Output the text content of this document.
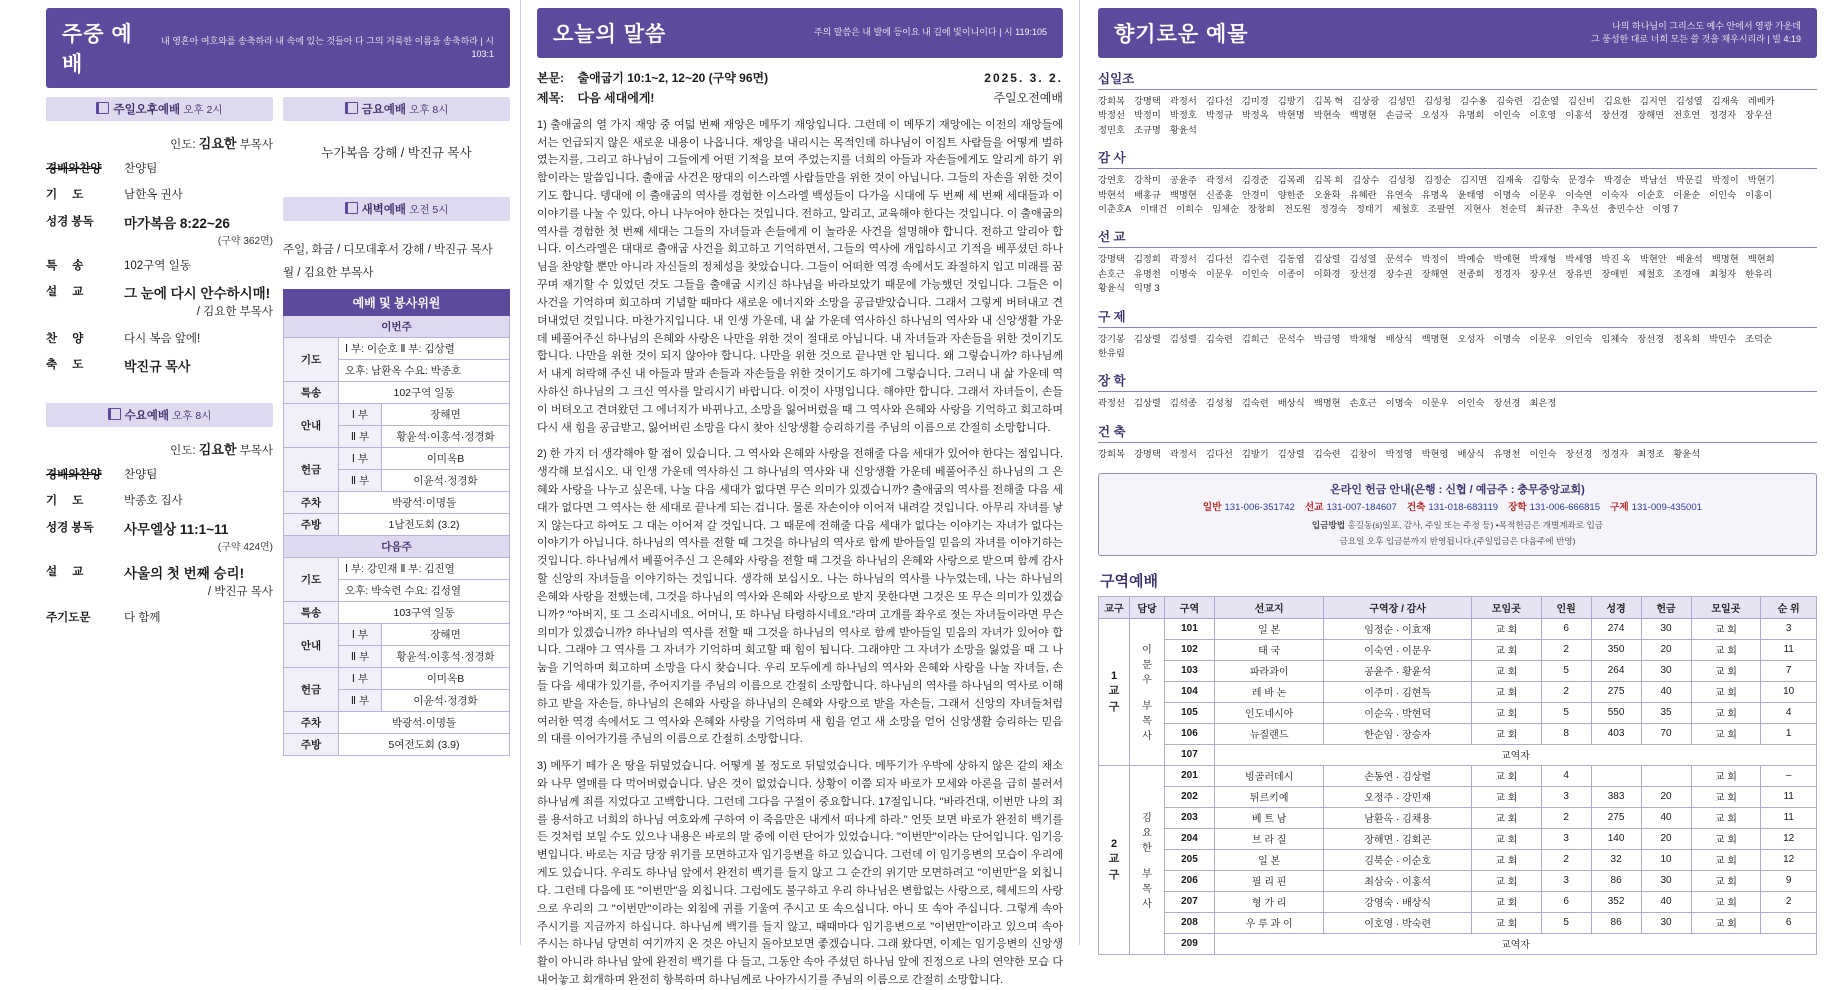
주중 예배
내 영혼아 여호와를 송축하라 내 속에 있는 것들아 다 그의 거룩한 이름을 송축하라 | 시 103:1
주일오후예배 오후 2시
인도: 김요한 부목사
경배와찬양	찬양팀
기 도	남한옥 권사
성경 봉독	마가복음 8:22~26
(구약 362면)
특 송	102구역 일동
설 교	그 눈에 다시 안수하시매!
/ 김요한 부목사
찬 양	다시 복음 앞에!
축 도	박진규 목사
수요예배 오후 8시
인도: 김요한 부목사
경배와찬양	찬양팀
기 도	박종호 집사
성경 봉독	사무엘상 11:1~11
(구약 424면)
설 교	사울의 첫 번째 승리!
/ 박진규 목사
주기도문	다 함께
금요예배 오후 8시
누가복음 강해 / 박진규 목사
새벽예배 오전 5시
주일, 화금 / 디모데후서 강해 / 박진규 목사
월 / 김요한 부목사
예배 및 봉사위원		
이번주		
기도	Ⅰ 부: 이순호 Ⅱ 부: 김상렬	
	오후: 남환옥 수요: 박종호	
특송	102구역 일동	
안내	Ⅰ 부	장해면
	Ⅱ 부	황윤석·이홍석·정경화
헌금	Ⅰ 부	이미옥B
	Ⅱ 부	이윤석·정경화
주차	박광석·이명돌	
주방	1남전도회 (3.2)	
다음주		
기도	Ⅰ 부: 강민재 Ⅱ 부: 김진열	
	오후: 박숙련 수요: 김성열	
특송	103구역 일동	
안내	Ⅰ 부	장해면
	Ⅱ 부	황윤석·이홍석·정경화
헌금	Ⅰ 부	이미옥B
	Ⅱ 부	이윤석·정경화
주차	박광석·이명돌	
주방	5여전도회 (3.9)	
오늘의 말씀	주의 말씀은 내 발에 등이요 내 길에 빛이니이다 | 시 119:105
본문: 출애굽기 10:1~2, 12~20 (구약 96면)
제목: 다음 세대에게!
2025. 3. 2.
주일오전예배

1) 출애굽의 열 가지 재앙 중 여덟 번째 재앙은 메뚜기 재앙입니다. 그런데 이 메뚜기 재앙에는 이전의 재앙들에서는 언급되지 않은 새로운 내용이 나옵니다. 재앙을 내리시는 목적인데 하나님이 이집트 사람들을 어떻게 벌하였는지를, 그리고 하나님이 그들에게 어떤 기적을 보여 주었는지를 너희의 아들과 자손들에게도 알리게 하기 위함이라는 말씀입니다. 출애굽 사건은 땅대의 이스라엘 사람들만을 위한 것이 아닙니다. 그들의 자손을 위한 것이기도 합니다. 뎅대에 이 출애굽의 역사를 경험한 이스라엘 백성들이 다가올 시대에 두 번째 세 번째 세대들과 이 이야기를 나눌 수 있다, 아니 나누어야 한다는 것입니다. 전하고, 알리고, 교육해야 한다는 것입니다. 이 출애굽의 역사를 경험한 첫 번째 세대는 그들의 자녀들과 손들에게 이 놀라운 사건을 설명해야 합니다. 전하고 알리아 합니다. 이스라엘은 대대로 출애굽 사건을 회고하고 기억하면서, 그들의 역사에 개입하시고 기적을 베푸셨던 하나님을 찬양할 뿐만 아니라 자신들의 정체성을 찾았습니다. 그들이 어떠한 역경 속에서도 좌절하지 입고 미래를 꿈꾸며 재기할 수 있었던 것도 그들을 출애굽 시키신 하나님을 바라보았기 때문에 가능했던 것입니다. 그들은 이 사건을 기억하며 회고하며 기념할 때마다 새로운 에너지와 소망을 공급받았습니다. 그래서 그렇게 버텨내고 견뎌내었던 것입니다. 마찬가지입니다. 내 인생 가운데, 내 삶 가운데 역사하신 하나님의 역사와 내 신앙생활 가운데 베풀어주신 하나님의 은혜와 사랑은 나만을 위한 것이 절대로 아닙니다. 내 자녀들과 자손들을 위한 것이기도 합니다. 나만을 위한 것이 되지 않아야 합니다. 나만을 위한 것으로 끝나면 안 됩니다. 왜 그렇습니까? 하나님께서 내게 허락해 주신 내 아들과 딸과 손들과 자손들을 위한 것이기도 하기에 그렇습니다. 그러니 내 삶 가운데 역사하신 하나님의 그 크신 역사를 알리시기 바랍니다. 이것이 사명입니다. 해야만 합니다. 그래서 자녀들이, 손들이 버텨오고 견뎌왔던 그 에너지가 바뀌나고, 소망을 잃어버렸을 때 그 역사와 은혜와 사랑을 기억하고 회고하며 다시 새 힘을 공급받고, 잃어버린 소망을 다시 찾아 신앙생활 승리하기를 주님의 이름으로 간절히 소망합니다.

2) 한 가지 더 생각해야 할 점이 있습니다. 그 역사와 은혜와 사랑을 전해줄 다음 세대가 있어야 한다는 점입니다. 생각해 보십시오. 내 인생 가운데 역사하신 그 하나님의 역사와 내 신앙생활 가운데 베풀어주신 하나님의 그 은혜와 사랑을 나누고 싶은데, 나눌 다음 세대가 없다면 무슨 의미가 있겠습니까? 출애굽의 역사를 전해줄 다음 세대가 없다면 그 역사는 한 세대로 끝나게 되는 겁니다. 물론 자손이야 이어져 내려갈 것입니다. 아무리 자녀를 낳지 않는다고 하여도 그 대는 이어져 갈 것입니다. 그 때문에 전해줄 다음 세대가 없다는 이야기는 자녀가 없다는 이야기가 아닙니다. 하나님의 역사를 전할 때 그것을 하나님의 역사로 함께 받아들일 믿음의 자녀를 이야기하는 것입니다. 하나님께서 베풀어주신 그 은혜와 사랑을 전할 때 그것을 하나님의 은혜와 사랑으로 받으며 함께 감사할 신앙의 자녀들을 이야기하는 것입니다. 생각해 보십시오. 나는 하나님의 역사를 나누었는데, 나는 하나님의 은혜와 사랑을 전했는데, 그것을 하나님의 역사와 은혜와 사랑으로 받지 못한다면 그것은 또 무슨 의미가 있겠습니까? "아버지, 또 그 소리시네요. 어머니, 또 하나님 타령하시네요."라며 고개를 좌우로 젓는 자녀들이라면 무슨 의미가 있겠습니까? 하나님의 역사를 전할 때 그것을 하나님의 역사로 함께 받아들일 믿음의 자녀가 있어야 합니다. 그래야 그 역사를 그 자녀가 기억하며 회고할 때 힘이 됩니다. 그래야만 그 자녀가 소망을 잃었을 때 그 나눔을 기억하며 회고하며 소망을 다시 찾습니다. 우리 모두에게 하나님의 역사와 은혜와 사랑을 나눌 자녀들, 손들 다음 세대가 있기를, 주어지기를 주님의 이름으로 간절히 소망합니다. 하나님의 역사를 하나님의 역사로 이해하고 받을 자손들, 하나님의 은혜와 사랑을 하나님의 은혜와 사랑으로 받을 자손들, 그래서 신앙의 자녀들처럼 여러한 역경 속에서도 그 역사와 은혜와 사랑을 기억하며 새 힘을 얻고 새 소망을 얻어 신앙생활 승리하는 믿음의 대를 이어가기를 주님의 이름으로 간절히 소망합니다.

3) 메뚜기 떼가 온 땅을 뒤덮었습니다. 어떻게 볼 정도로 뒤덮었습니다. 메뚜기가 우박에 상하지 않은 같의 채소와 나무 열매를 다 먹어버렸습니다. 남은 것이 없었습니다. 상황이 이쯤 되자 바로가 모세와 아론을 급히 불러서 하나님께 죄를 지었다고 고백합니다. 그런데 그다음 구절이 중요합니다. 17절입니다. "바라건대, 이번만 나의 죄를 용서하고 너희의 하나님 여호와께 구하여 이 죽음만은 내게서 떠나게 하라." 언뜻 보면 바로가 완전히 백기를 든 것처럼 보일 수도 있으나 내용은 바로의 말 중에 이런 단어가 있었습니다. "이번만"이라는 단어입니다. 임기응변입니다. 바로는 지금 당장 위기를 모면하고자 임기응변을 하고 있습니다. 그런데 이 임기응변의 모습이 우리에게도 있습니다. 우리도 하나님 앞에서 완전히 백기를 들지 않고 그 순간의 위기만 모면하려고 "이번만"을 외칩니다. 그런데 다음에 또 "이번만"을 외칩니다. 그럼에도 불구하고 우리 하나님은 변함없는 사랑으로, 헤세드의 사랑으로 우리의 그 "이번만"이라는 외침에 귀를 기울여 주시고 또 속으십니다. 아니 또 속아 주십니다. 그렇게 속아 주시기를 지금까지 하십니다. 하나님께 백기를 들지 않고, 때때마다 임기응변으로 "이번만"이라고 있으며 속아 주시는 하나님 당면히 여기까지 온 것은 아닌지 돌아보보면 좋겠습니다. 그래 왔다면, 이제는 임기응변의 신앙생활이 아니라 하나님 앞에 완전히 백기를 다 들고, 그동안 속아 주셨던 하나님 앞에 진정으로 나의 연약한 모습 다 내어놓고 회개하며 완전히 항복하며 하나님께로 나아가시기를 주님의 이름으로 간절히 소망합니다.

향기로운 예물	나의 하나님이 그리스도 예수 안에서 영광 가운데
그 풍성한 대로 너희 모든 쓸 것을 채우시리라 | 빌 4:19
십일조
강희복 강명택 곽정서 김다선 김미경 김방기 김복 혁 김상광 김성민 김성청 김수옹 김숙련 김순열 김신비 김요한 김지연 김성열 김재욱 레베카박정선 박정미 박정호 박정규 박정옥 박현명 박현숙 백명현 손금국 오성자 유명희 이인숙 이호영 이홍석 장선경 장해면 전호연 정경자 장우선정민호 조규명 황윤석
감 사
강연호 강착미 공윤주 곽정서 김경준 김복례 김복 희 김상수 김성청 김정순 김지면 김재욱 김항숙 문경수 박경순 박남선 박문길 박정이 박현기박현석 배홍규 백명현 신종훈 안경미 양한준 오윤화 유혜란 유연숙 유명옥 윤태영 이명숙 이문우 이숙연 이숙자 이순호 이윤순 이인숙 이홍이이춘호A 이태건 이희수 임체순 장창희 전도원 정경숙 정태기 제철호 조팔연 지현사 천순덕 최규찬 추옥선 충민수산 이영 7
선 교
강명택 김정희 곽정서 김다선 김수련 김동엽 김상렬 김성열 문석수 박정이 박예승 박예현 박재형 박세영 박진 옥 박현안 배윤석 백명현 백현희손호근 유명천 이명숙 이문우 이인숙 이종이 이화경 장선경 장수권 장해연 전종희 정경자 장우선 장유빈 장애빈 제철호 조경애 최청자 한유리황윤식 익명 3
구 제
강기봉 김상렬 김성렬 김숙련 김희근 문석수 박금영 박채형 배상식 백명현 오성자 이명숙 이문우 이인숙 임체숙 장선경 정옥희 박민수 조덕순한유림
장 학
곽정선 김상렬 김석종 김성청 김숙련 배상식 백명현 손호근 이명숙 이문우 이인숙 장선경 최은정
건 축
강희복 강명택 곽정서 김다선 김방기 김상렬 김숙련 김창이 박정영 박현영 배상식 유명천 이인숙 장선경 정경자 최정조 황윤석
온라인 헌금 안내(은행 : 신협 / 예금주 : 충무중앙교회)
일반 131-006-351742 선교 131-007-184607 건축 131-018-683119 장학 131-006-666815 구제 131-009-435001
입금방법 홍길동(s)일포, 감사, 주일 또는 주정 등) •목적헌금은 개별계좌로 입금
금요일 오후 입금분까지 반영됩니다.(주일입금은 다음주에 반영)
구역예배
교구	담당	구역	선교지	구역장 / 감사	모임곳	인원	성경	헌금	모일곳	순 위
1
교
구	이
문
우

부
목
사	101	일 본	임정순 · 이효재	교 회	6	274	30	교 회	3
		102	태 국	이숙연 · 이문우	교 회	2	350	20	교 회	11
		103	파라과이	공윤주 · 황윤석	교 회	5	264	30	교 회	7
		104	레 바 논	이주미 · 김현득	교 회	2	275	40	교 회	10
		105	인도네시아	이순옥 · 박현덕	교 회	5	550	35	교 회	4
		106	뉴질랜드	한순임 · 장승자	교 회	8	403	70	교 회	1
		107	교역자							
2
교
구	김
요
한

부
목
사	201	빙골러데시	손동연 · 김상렬	교 회	4			교 회	–
		202	튀르키예	오정주 · 강민재	교 회	3	383	20	교 회	11
		203	베 트 남	남환옥 · 김채용	교 회	2	275	40	교 회	11
		204	브 라 질	장해면 · 김회곤	교 회	3	140	20	교 회	12
		205	일 본	김북순 · 이순호	교 회	2	32	10	교 회	12
		206	필 리 핀	최삼숙 · 이홍석	교 회	3	86	30	교 회	9
		207	형 가 리	강영숙 · 배상식	교 회	6	352	40	교 회	2
		208	우 루 과 이	이호영 · 박숙련	교 회	5	86	30	교 회	6
		209	교역자							
